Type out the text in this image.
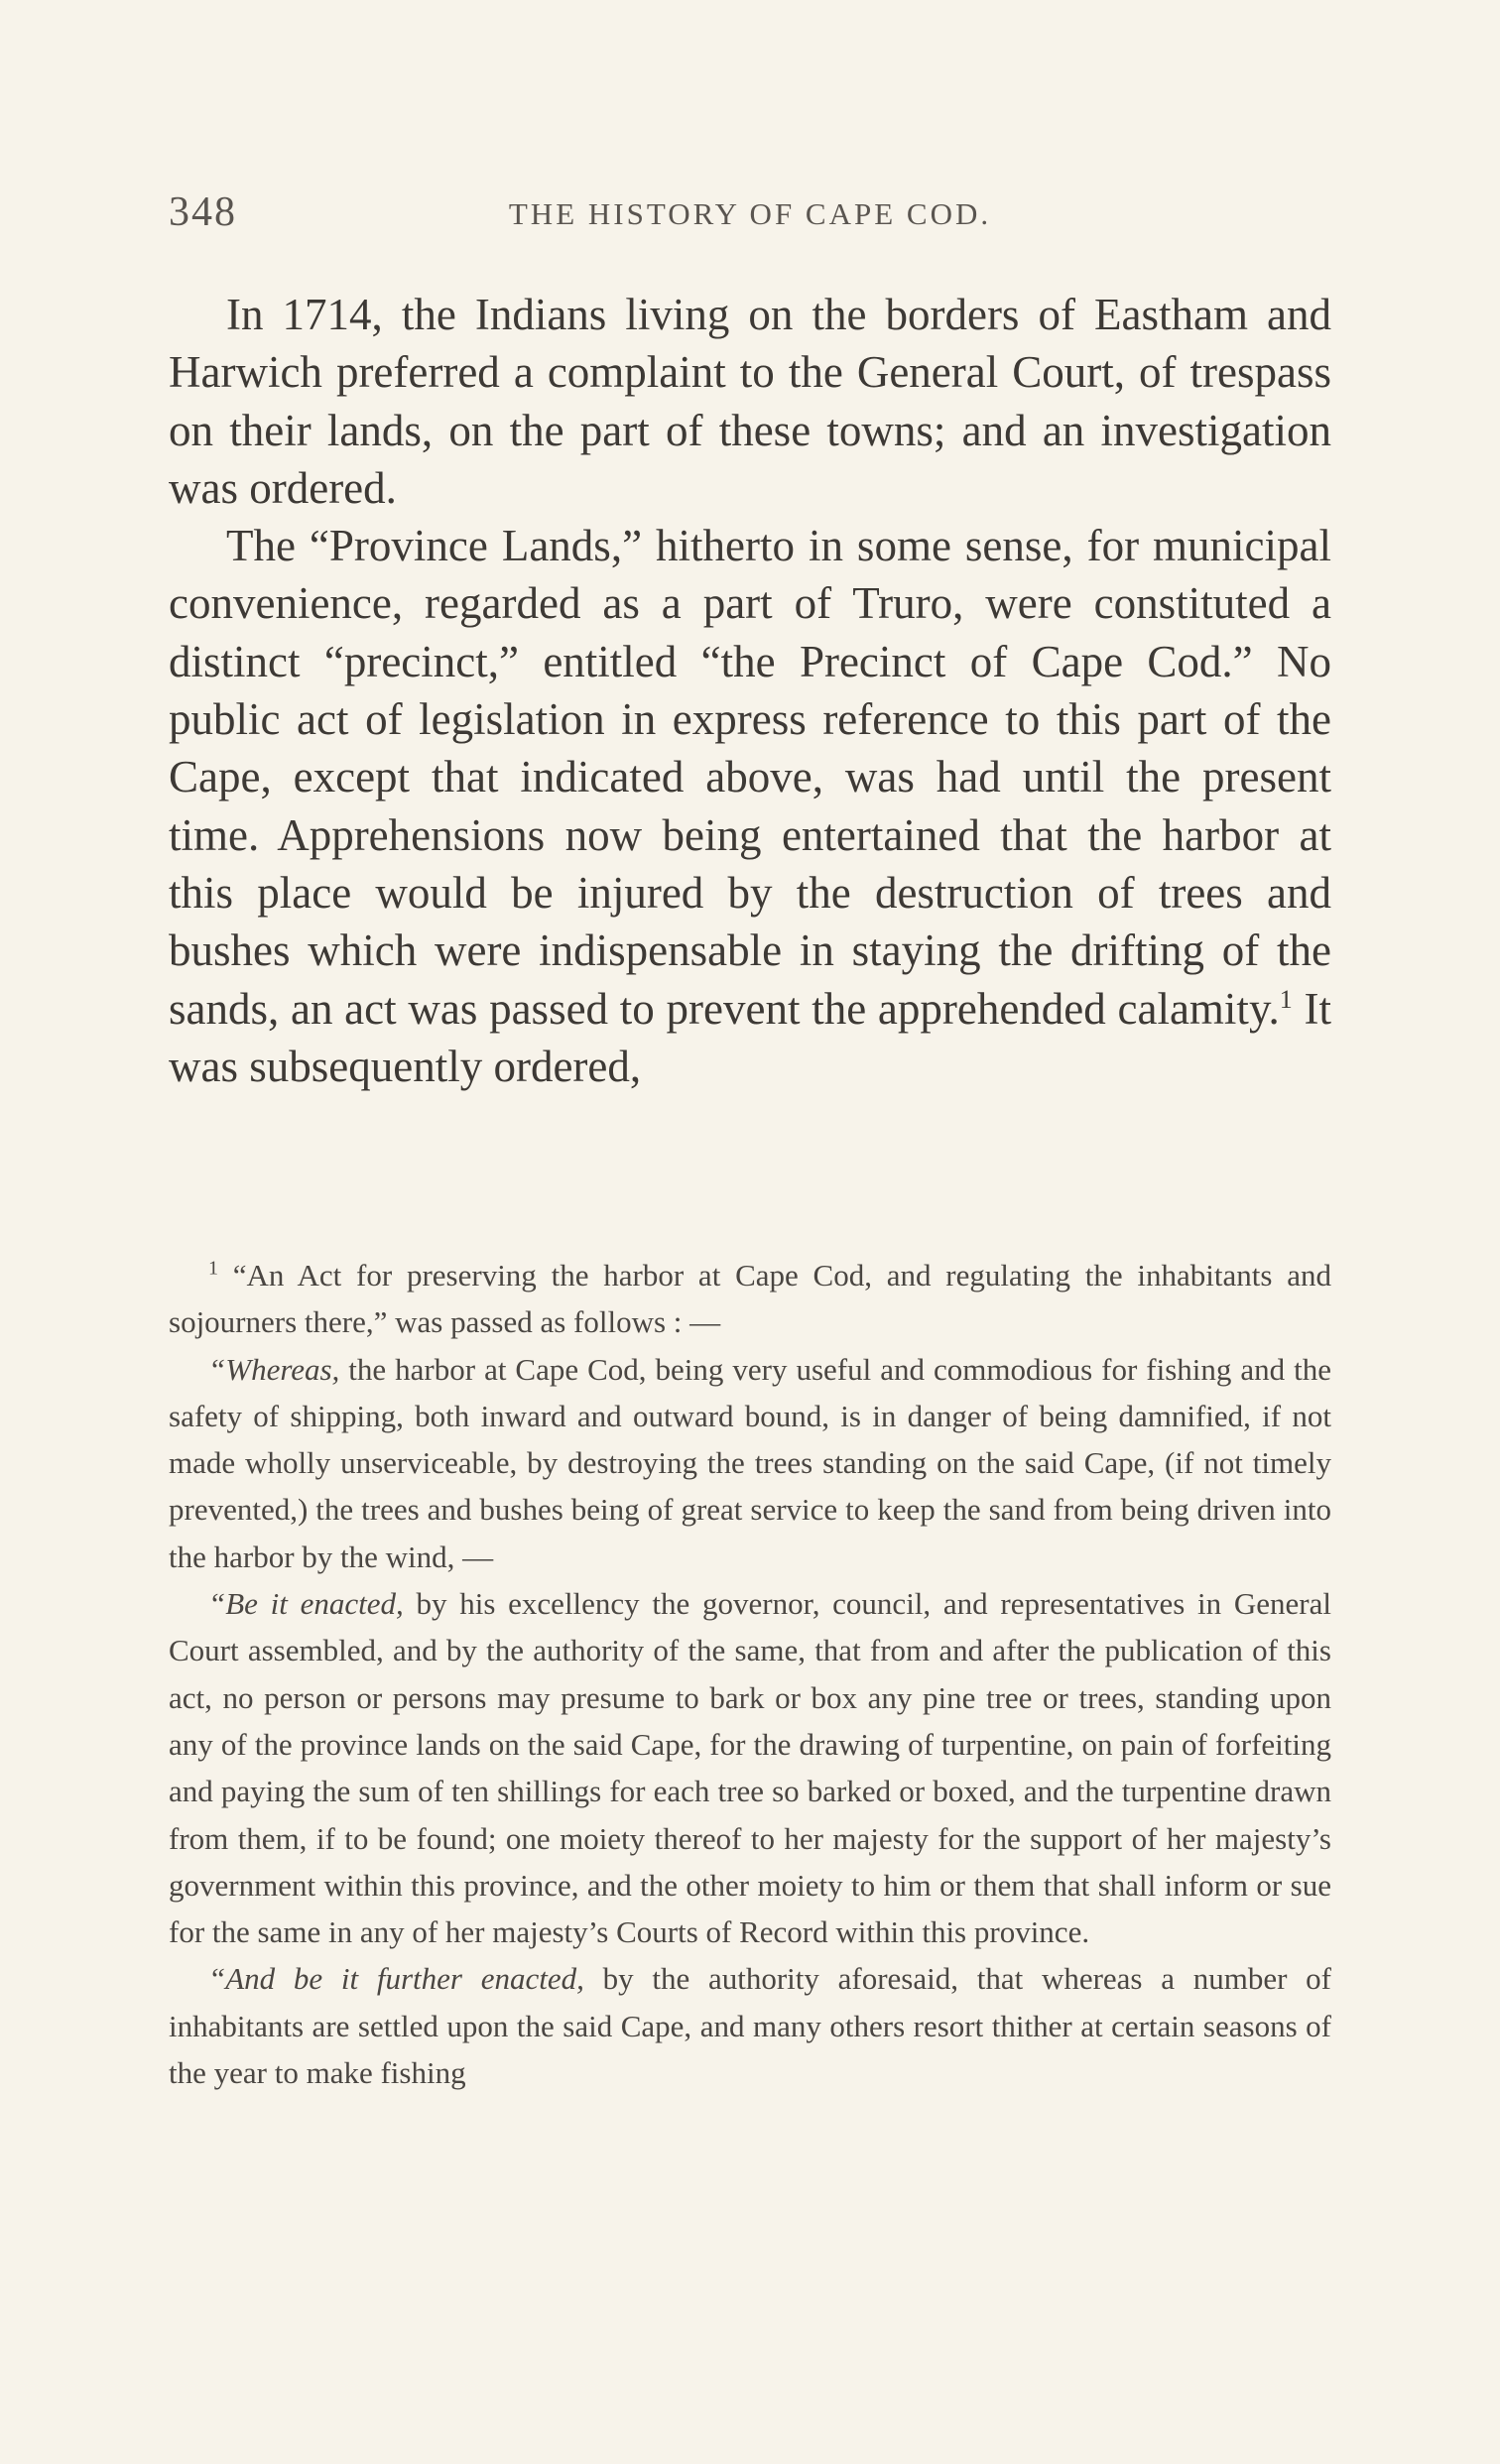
348	THE HISTORY OF CAPE COD.

In 1714, the Indians living on the borders of Eastham and Harwich preferred a complaint to the General Court, of trespass on their lands, on the part of these towns; and an investigation was ordered.

The “Province Lands,” hitherto in some sense, for municipal convenience, regarded as a part of Truro, were constituted a distinct “precinct,” entitled “the Precinct of Cape Cod.” No public act of legislation in express reference to this part of the Cape, except that indicated above, was had until the present time. Apprehensions now being entertained that the harbor at this place would be injured by the destruction of trees and bushes which were indispensable in staying the drifting of the sands, an act was passed to prevent the apprehended calamity.$^1$ It was subsequently ordered,

$^1$ “An Act for preserving the harbor at Cape Cod, and regulating the inhabitants and sojourners there,” was passed as follows : —

“Whereas, the harbor at Cape Cod, being very useful and commodious for fishing and the safety of shipping, both inward and outward bound, is in danger of being damnified, if not made wholly unserviceable, by destroying the trees standing on the said Cape, (if not timely prevented,) the trees and bushes being of great service to keep the sand from being driven into the harbor by the wind, —

“Be it enacted, by his excellency the governor, council, and representatives in General Court assembled, and by the authority of the same, that from and after the publication of this act, no person or persons may presume to bark or box any pine tree or trees, standing upon any of the province lands on the said Cape, for the drawing of turpentine, on pain of forfeiting and paying the sum of ten shillings for each tree so barked or boxed, and the turpentine drawn from them, if to be found; one moiety thereof to her majesty for the support of her majesty’s government within this province, and the other moiety to him or them that shall inform or sue for the same in any of her majesty’s Courts of Record within this province.

“And be it further enacted, by the authority aforesaid, that whereas a number of inhabitants are settled upon the said Cape, and many others resort thither at certain seasons of the year to make fishing
